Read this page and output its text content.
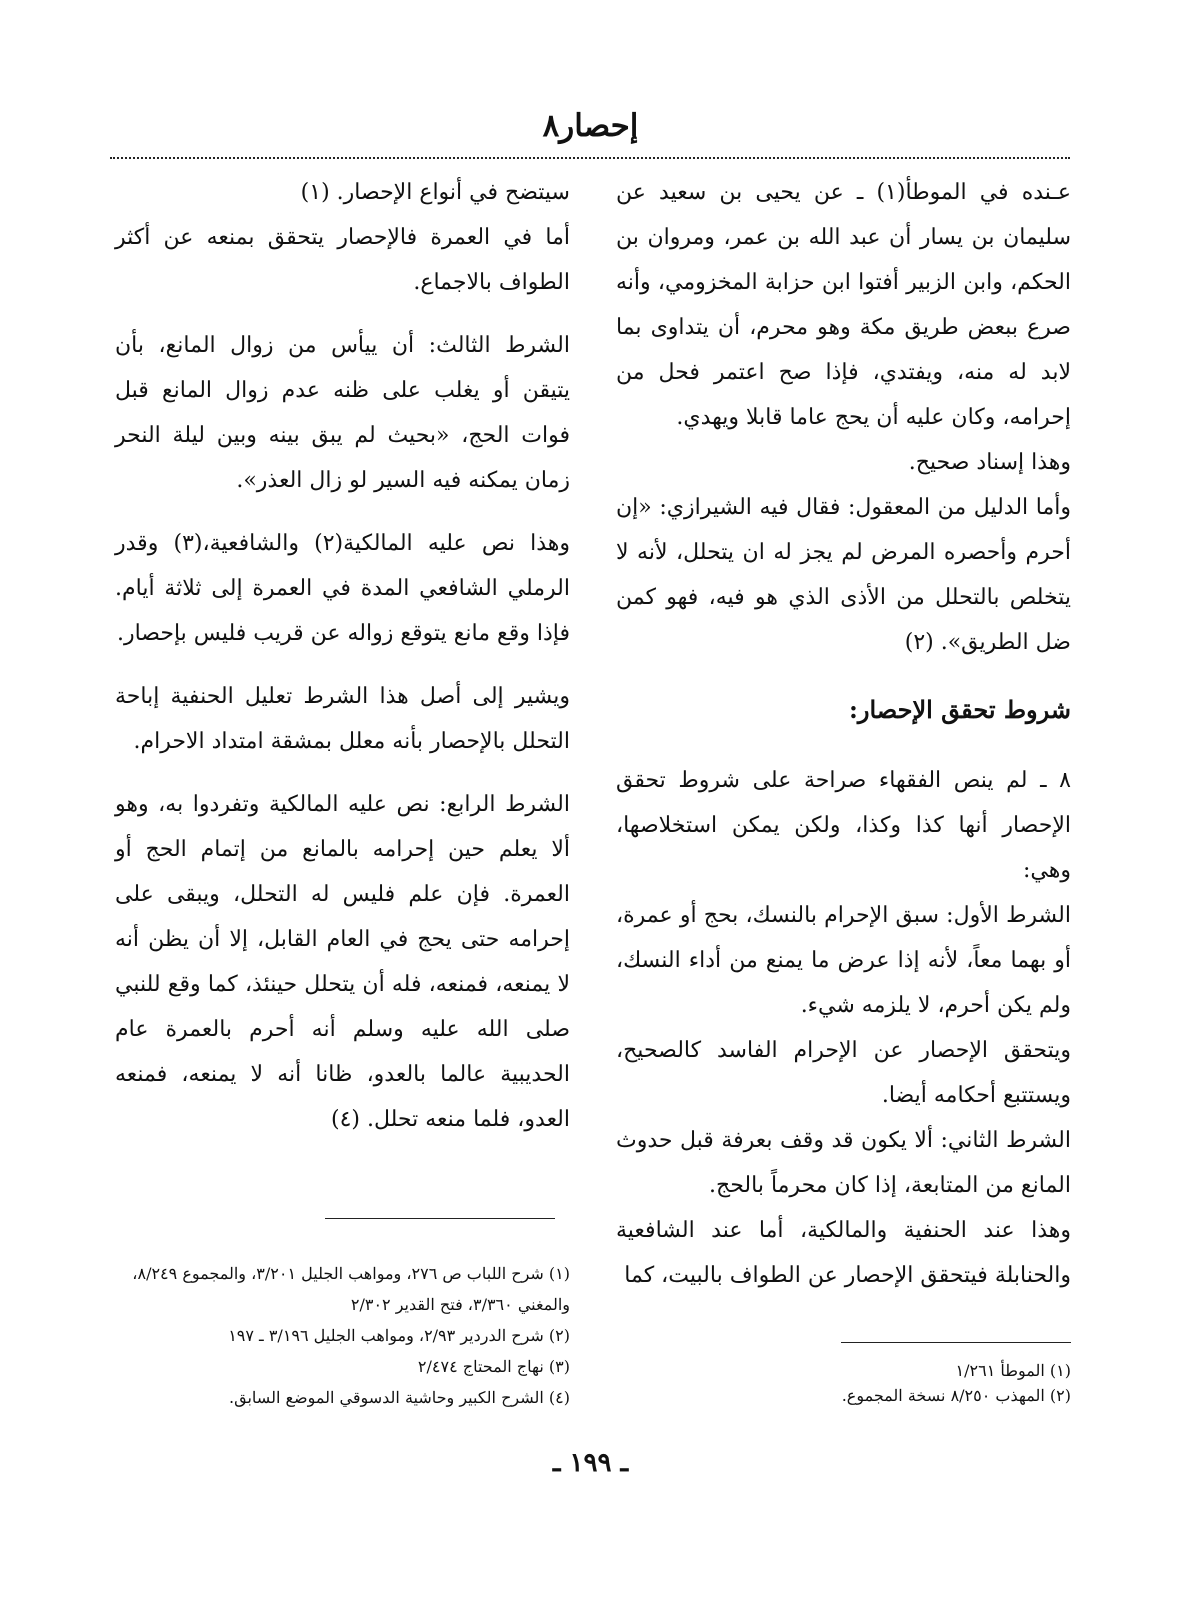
إحصار٨

عـنده في الموطأ(١) ـ عن يحيى بن سعيد عن سليمان بن يسار أن عبد الله بن عمر، ومروان بن الحكم، وابن الزبير أفتوا ابن حزابة المخزومي، وأنه صرع ببعض طريق مكة وهو محرم، أن يتداوى بما لابد له منه، ويفتدي، فإذا صح اعتمر فحل من إحرامه، وكان عليه أن يحج عاما قابلا ويهدي.

وهذا إسناد صحيح.

وأما الدليل من المعقول: فقال فيه الشيرازي: «إن أحرم وأحصره المرض لم يجز له ان يتحلل، لأنه لا يتخلص بالتحلل من الأذى الذي هو فيه، فهو كمن ضل الطريق». (٢)

شروط تحقق الإحصار:

٨ ـ لم ينص الفقهاء صراحة على شروط تحقق الإحصار أنها كذا وكذا، ولكن يمكن استخلاصها، وهي:

الشرط الأول: سبق الإحرام بالنسك، بحج أو عمرة، أو بهما معاً، لأنه إذا عرض ما يمنع من أداء النسك، ولم يكن أحرم، لا يلزمه شيء.

ويتحقق الإحصار عن الإحرام الفاسد كالصحيح، ويستتبع أحكامه أيضا.

الشرط الثاني: ألا يكون قد وقف بعرفة قبل حدوث المانع من المتابعة، إذا كان محرماً بالحج.

وهذا عند الحنفية والمالكية، أما عند الشافعية والحنابلة فيتحقق الإحصار عن الطواف بالبيت، كما

سيتضح في أنواع الإحصار. (١)

أما في العمرة فالإحصار يتحقق بمنعه عن أكثر الطواف بالاجماع.

الشرط الثالث: أن ييأس من زوال المانع، بأن يتيقن أو يغلب على ظنه عدم زوال المانع قبل فوات الحج، «بحيث لم يبق بينه وبين ليلة النحر زمان يمكنه فيه السير لو زال العذر».

وهذا نص عليه المالكية(٢) والشافعية،(٣) وقدر الرملي الشافعي المدة في العمرة إلى ثلاثة أيام. فإذا وقع مانع يتوقع زواله عن قريب فليس بإحصار.

ويشير إلى أصل هذا الشرط تعليل الحنفية إباحة التحلل بالإحصار بأنه معلل بمشقة امتداد الاحرام.

الشرط الرابع: نص عليه المالكية وتفردوا به، وهو ألا يعلم حين إحرامه بالمانع من إتمام الحج أو العمرة. فإن علم فليس له التحلل، ويبقى على إحرامه حتى يحج في العام القابل، إلا أن يظن أنه لا يمنعه، فمنعه، فله أن يتحلل حينئذ، كما وقع للنبي صلى الله عليه وسلم أنه أحرم بالعمرة عام الحديبية عالما بالعدو، ظانا أنه لا يمنعه، فمنعه العدو، فلما منعه تحلل. (٤)

(١) شرح اللباب ص ٢٧٦، ومواهب الجليل ٣/٢٠١، والمجموع ٨/٢٤٩، والمغني ٣/٣٦٠، فتح القدير ٢/٣٠٢

(٢) شرح الدردير ٢/٩٣، ومواهب الجليل ٣/١٩٦ ـ ١٩٧

(٣) نهاج المحتاج ٢/٤٧٤

(٤) الشرح الكبير وحاشية الدسوقي الموضع السابق.

(١) الموطأ ١/٢٦١

(٢) المهذب ٨/٢٥٠ نسخة المجموع.

ـ ١٩٩ ـ
